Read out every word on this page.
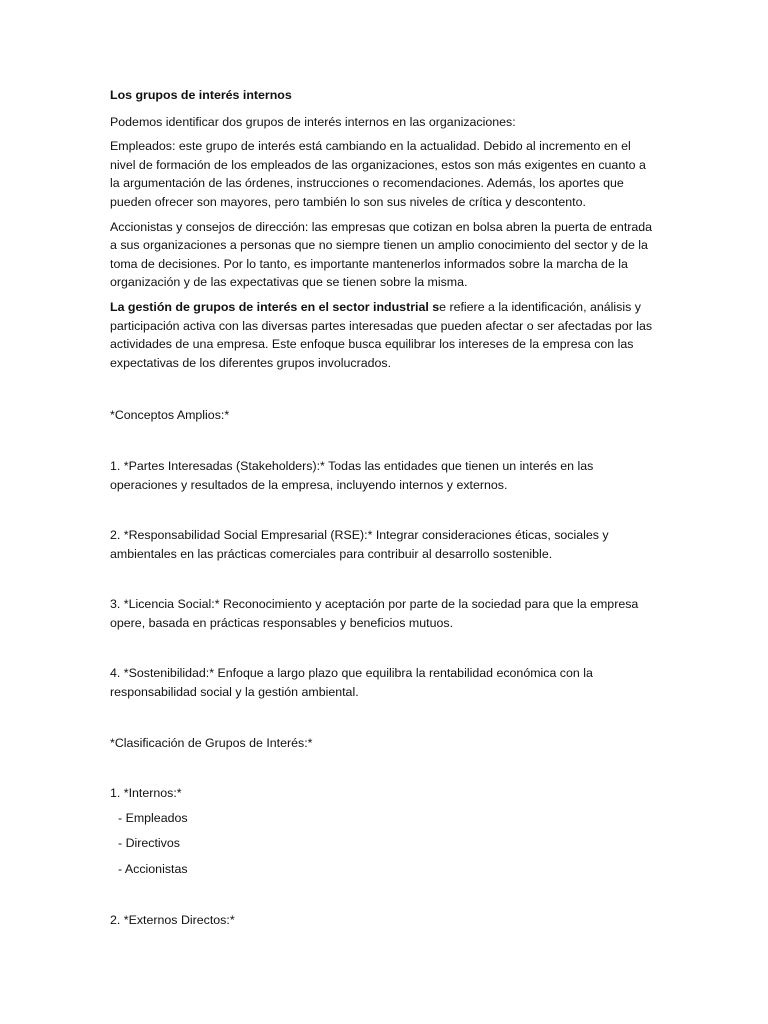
Los grupos de interés internos

Podemos identificar dos grupos de interés internos en las organizaciones:

Empleados: este grupo de interés está cambiando en la actualidad. Debido al incremento en el nivel de formación de los empleados de las organizaciones, estos son más exigentes en cuanto a la argumentación de las órdenes, instrucciones o recomendaciones. Además, los aportes que pueden ofrecer son mayores, pero también lo son sus niveles de crítica y descontento.

Accionistas y consejos de dirección: las empresas que cotizan en bolsa abren la puerta de entrada a sus organizaciones a personas que no siempre tienen un amplio conocimiento del sector y de la toma de decisiones. Por lo tanto, es importante mantenerlos informados sobre la marcha de la organización y de las expectativas que se tienen sobre la misma.

La gestión de grupos de interés en el sector industrial se refiere a la identificación, análisis y participación activa con las diversas partes interesadas que pueden afectar o ser afectadas por las actividades de una empresa. Este enfoque busca equilibrar los intereses de la empresa con las expectativas de los diferentes grupos involucrados.

*Conceptos Amplios:*

1. *Partes Interesadas (Stakeholders):* Todas las entidades que tienen un interés en las operaciones y resultados de la empresa, incluyendo internos y externos.

2. *Responsabilidad Social Empresarial (RSE):* Integrar consideraciones éticas, sociales y ambientales en las prácticas comerciales para contribuir al desarrollo sostenible.

3. *Licencia Social:* Reconocimiento y aceptación por parte de la sociedad para que la empresa opere, basada en prácticas responsables y beneficios mutuos.

4. *Sostenibilidad:* Enfoque a largo plazo que equilibra la rentabilidad económica con la responsabilidad social y la gestión ambiental.

*Clasificación de Grupos de Interés:*

1. *Internos:*

- Empleados

- Directivos

- Accionistas

2. *Externos Directos:*
